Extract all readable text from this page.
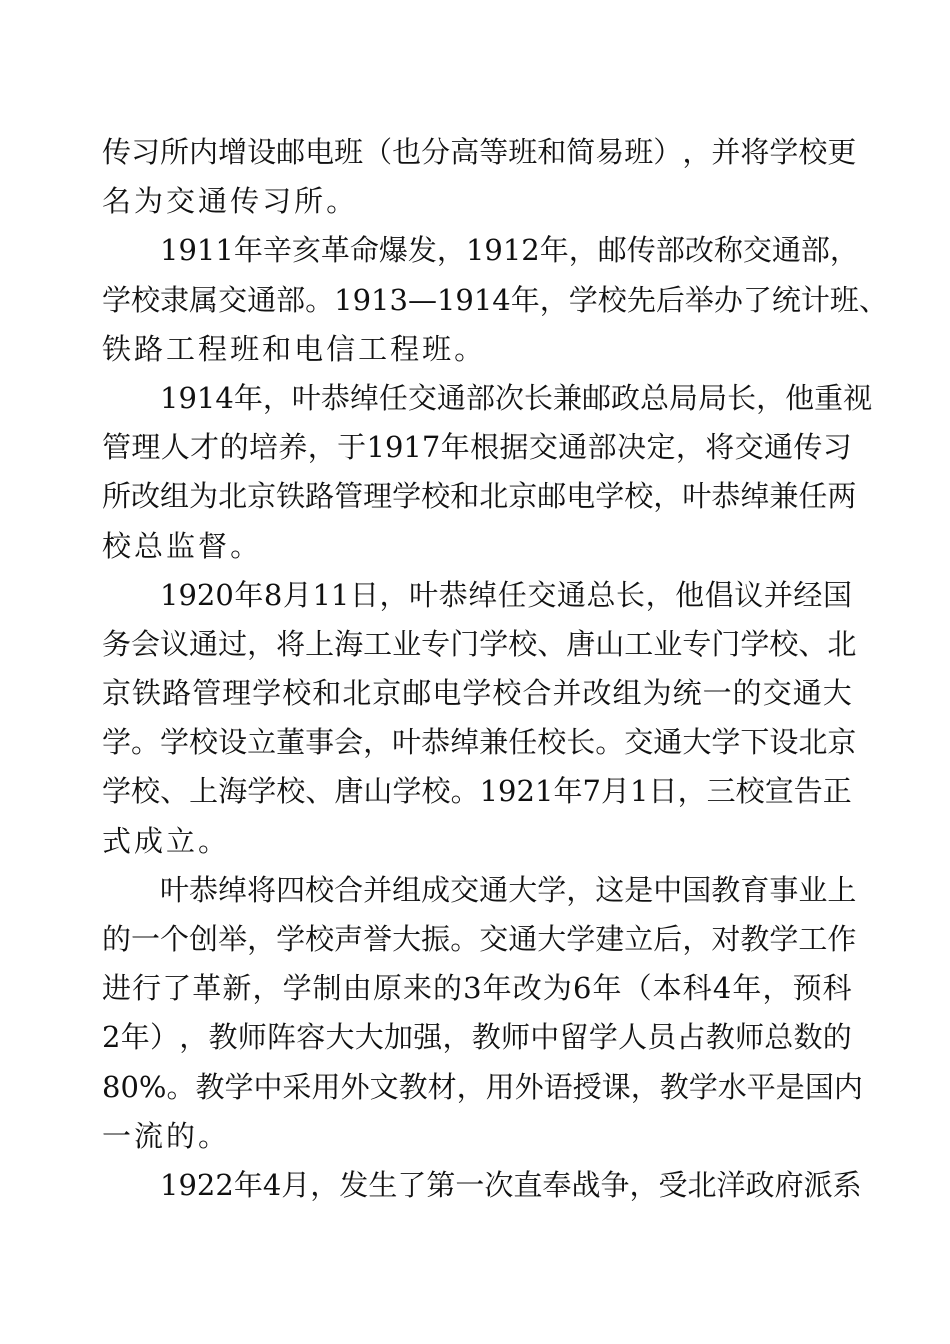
传 习 所 内 增 设 邮 电 班 （ 也 分 高 等 班 和 简 易 班 ） ， 并 将 学 校 更
名 为 交 通 传 习 所 。
1911 年 辛 亥 革 命 爆 发 ， 1912 年 ， 邮 传 部 改 称 交 通 部 ，
学 校 隶 属 交 通 部 。 1913 — 1914 年 ， 学 校 先 后 举 办 了 统 计 班 、
铁 路 工 程 班 和 电 信 工 程 班 。
1914 年 ， 叶 恭 绰 任 交 通 部 次 长 兼 邮 政 总 局 局 长 ， 他 重 视
管 理 人 才 的 培 养 ， 于 1917 年 根 据 交 通 部 决 定 ， 将 交 通 传 习
所 改 组 为 北 京 铁 路 管 理 学 校 和 北 京 邮 电 学 校 ， 叶 恭 绰 兼 任 两
校 总 监 督 。
1920 年 8 月 11 日 ， 叶 恭 绰 任 交 通 总 长 ， 他 倡 议 并 经 国
务 会 议 通 过 ， 将 上 海 工 业 专 门 学 校 、 唐 山 工 业 专 门 学 校 、 北
京 铁 路 管 理 学 校 和 北 京 邮 电 学 校 合 并 改 组 为 统 一 的 交 通 大
学 。 学 校 设 立 董 事 会 ， 叶 恭 绰 兼 任 校 长 。 交 通 大 学 下 设 北 京
学 校 、 上 海 学 校 、 唐 山 学 校 。 1921 年 7 月 1 日 ， 三 校 宣 告 正
式 成 立 。
叶 恭 绰 将 四 校 合 并 组 成 交 通 大 学 ， 这 是 中 国 教 育 事 业 上
的 一 个 创 举 ， 学 校 声 誉 大 振 。 交 通 大 学 建 立 后 ， 对 教 学 工 作
进 行 了 革 新 ， 学 制 由 原 来 的 3 年 改 为 6 年 （ 本 科 4 年 ， 预 科
2 年 ） ， 教 师 阵 容 大 大 加 强 ， 教 师 中 留 学 人 员 占 教 师 总 数 的
80% 。 教 学 中 采 用 外 文 教 材 ， 用 外 语 授 课 ， 教 学 水 平 是 国 内
一 流 的 。
1922 年 4 月 ， 发 生 了 第 一 次 直 奉 战 争 ， 受 北 洋 政 府 派 系
